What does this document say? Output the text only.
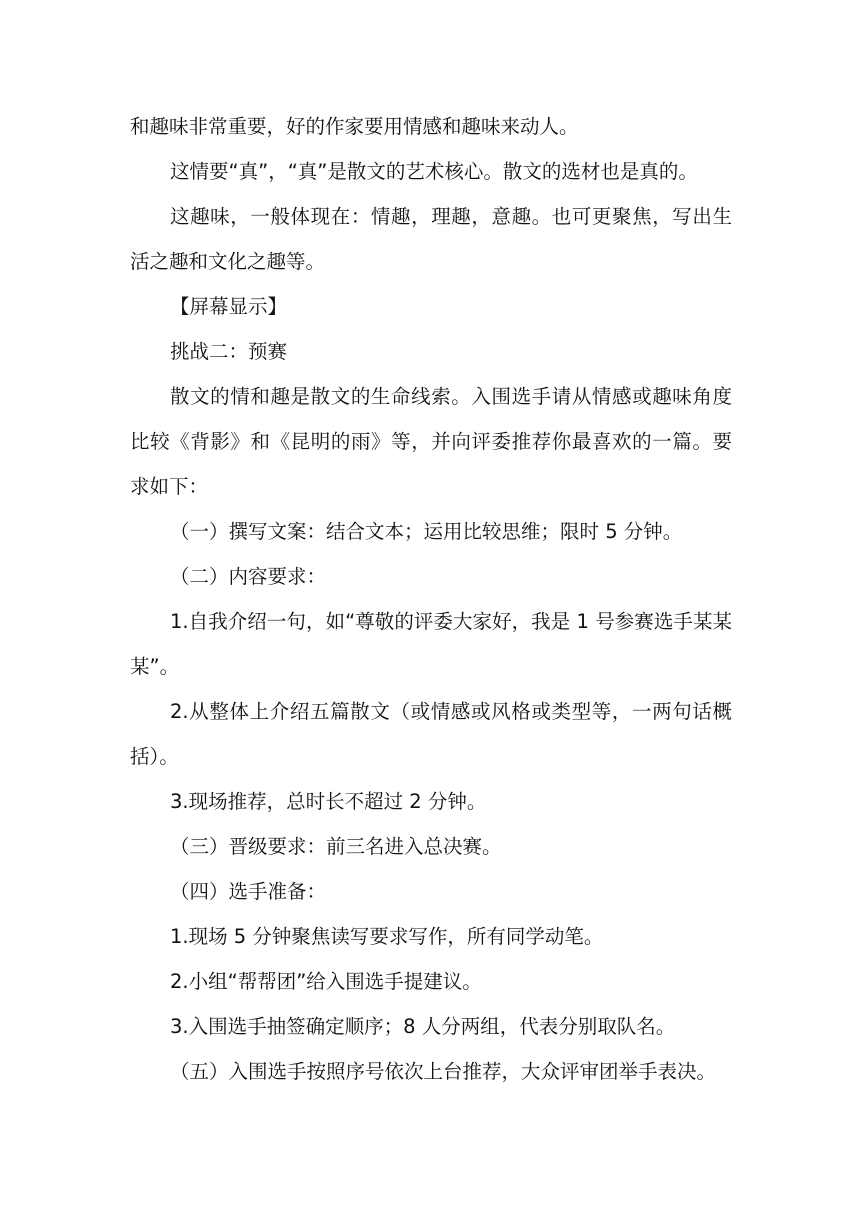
和趣味非常重要，好的作家要用情感和趣味来动人。

这情要“真”，“真”是散文的艺术核心。散文的选材也是真的。

这趣味，一般体现在：情趣，理趣，意趣。也可更聚焦，写出生活之趣和文化之趣等。

【屏幕显示】

挑战二：预赛

散文的情和趣是散文的生命线索。入围选手请从情感或趣味角度比较《背影》和《昆明的雨》等，并向评委推荐你最喜欢的一篇。要求如下：

（一）撰写文案：结合文本；运用比较思维；限时 5 分钟。

（二）内容要求：

1.自我介绍一句，如“尊敬的评委大家好，我是 1 号参赛选手某某某”。

2.从整体上介绍五篇散文（或情感或风格或类型等，一两句话概括）。

3.现场推荐，总时长不超过 2 分钟。

（三）晋级要求：前三名进入总决赛。

（四）选手准备：

1.现场 5 分钟聚焦读写要求写作，所有同学动笔。

2.小组“帮帮团”给入围选手提建议。

3.入围选手抽签确定顺序；8 人分两组，代表分别取队名。

（五）入围选手按照序号依次上台推荐，大众评审团举手表决。
